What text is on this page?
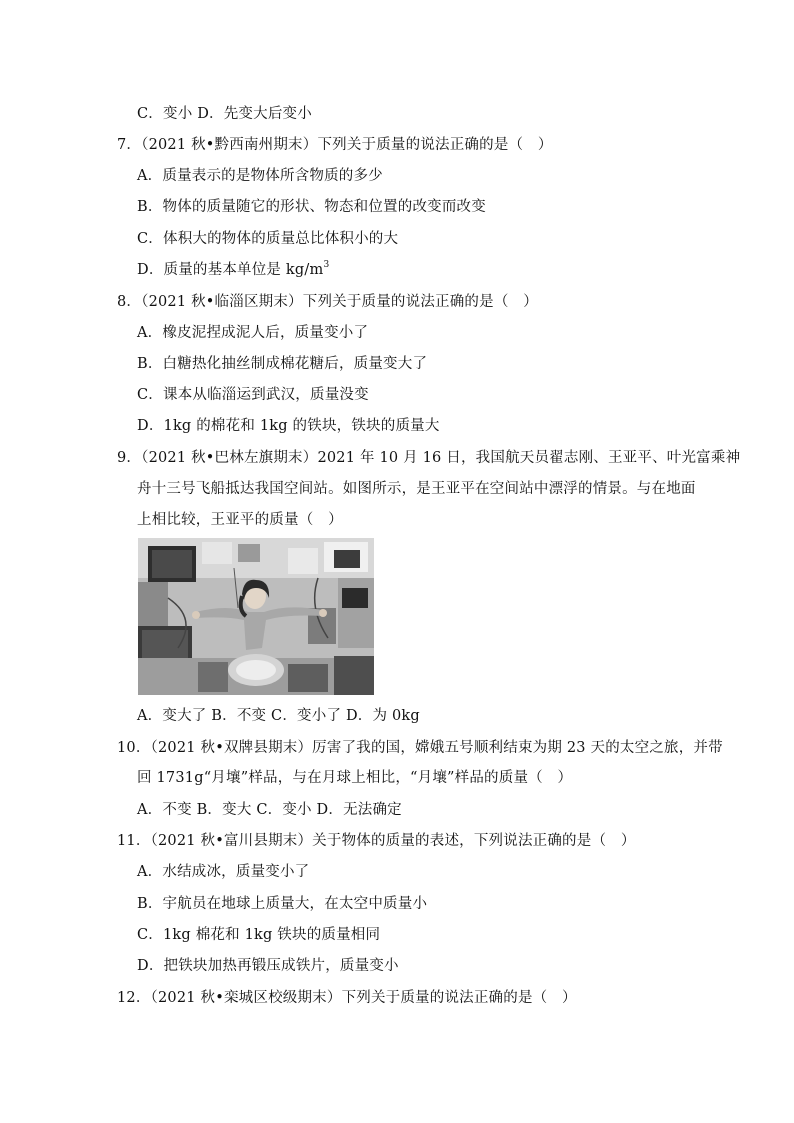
C．变小 D．先变大后变小
7．（2021 秋•黔西南州期末）下列关于质量的说法正确的是（　）
A．质量表示的是物体所含物质的多少
B．物体的质量随它的形状、物态和位置的改变而改变
C．体积大的物体的质量总比体积小的大
D．质量的基本单位是 $kg/m^3$
8．（2021 秋•临淄区期末）下列关于质量的说法正确的是（　）
A．橡皮泥捏成泥人后，质量变小了
B．白糖热化抽丝制成棉花糖后，质量变大了
C．课本从临淄运到武汉，质量没变
D．1kg 的棉花和 1kg 的铁块，铁块的质量大
9．（2021 秋•巴林左旗期末）2021 年 10 月 16 日，我国航天员翟志刚、王亚平、叶光富乘神
舟十三号飞船抵达我国空间站。如图所示，是王亚平在空间站中漂浮的情景。与在地面
上相比较，王亚平的质量（　）
A．变大了 B．不变 C．变小了 D．为 0kg
10．（2021 秋•双牌县期末）厉害了我的国，嫦娥五号顺利结束为期 23 天的太空之旅，并带
回 1731g“月壤”样品，与在月球上相比，“月壤”样品的质量（　）
A．不变 B．变大 C．变小 D．无法确定
11．（2021 秋•富川县期末）关于物体的质量的表述，下列说法正确的是（　）
A．水结成冰，质量变小了
B．宇航员在地球上质量大，在太空中质量小
C．1kg 棉花和 1kg 铁块的质量相同
D．把铁块加热再锻压成铁片，质量变小
12．（2021 秋•栾城区校级期末）下列关于质量的说法正确的是（　）
